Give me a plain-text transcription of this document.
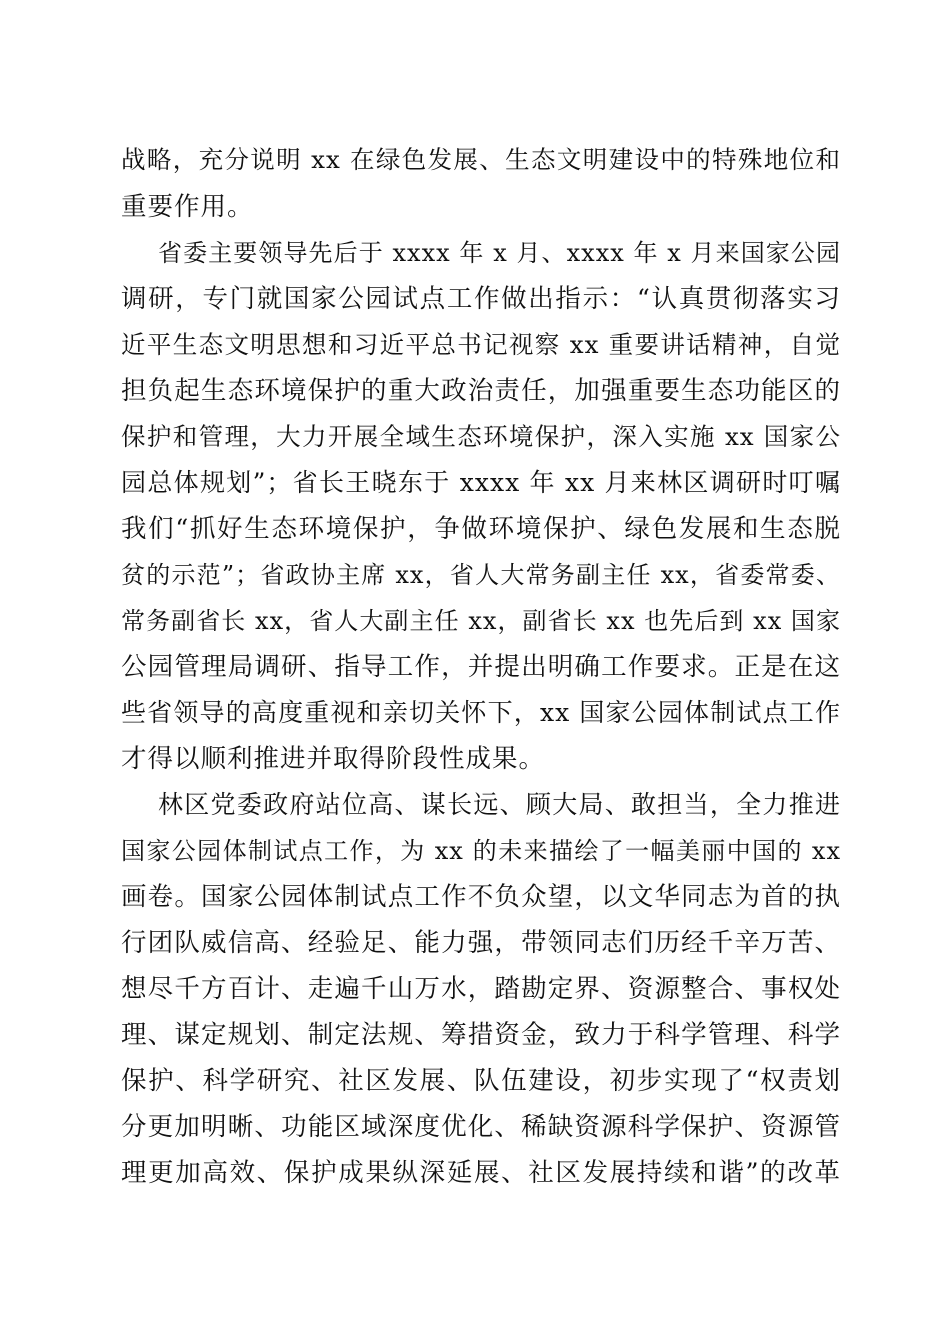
战略，充分说明 xx 在绿色发展、生态文明建设中的特殊地位和
重要作用。
省委主要领导先后于 xxxx 年 x 月、xxxx 年 x 月来国家公园
调研，专门就国家公园试点工作做出指示：“认真贯彻落实习
近平生态文明思想和习近平总书记视察 xx 重要讲话精神，自觉
担负起生态环境保护的重大政治责任，加强重要生态功能区的
保护和管理，大力开展全域生态环境保护，深入实施 xx 国家公
园总体规划”；省长王晓东于 xxxx 年 xx 月来林区调研时叮嘱
我们“抓好生态环境保护，争做环境保护、绿色发展和生态脱
贫的示范”；省政协主席 xx，省人大常务副主任 xx，省委常委、
常务副省长 xx，省人大副主任 xx，副省长 xx 也先后到 xx 国家
公园管理局调研、指导工作，并提出明确工作要求。正是在这
些省领导的高度重视和亲切关怀下，xx 国家公园体制试点工作
才得以顺利推进并取得阶段性成果。
林区党委政府站位高、谋长远、顾大局、敢担当，全力推进
国家公园体制试点工作，为 xx 的未来描绘了一幅美丽中国的 xx
画卷。国家公园体制试点工作不负众望，以文华同志为首的执
行团队威信高、经验足、能力强，带领同志们历经千辛万苦、
想尽千方百计、走遍千山万水，踏勘定界、资源整合、事权处
理、谋定规划、制定法规、筹措资金，致力于科学管理、科学
保护、科学研究、社区发展、队伍建设，初步实现了“权责划
分更加明晰、功能区域深度优化、稀缺资源科学保护、资源管
理更加高效、保护成果纵深延展、社区发展持续和谐”的改革
